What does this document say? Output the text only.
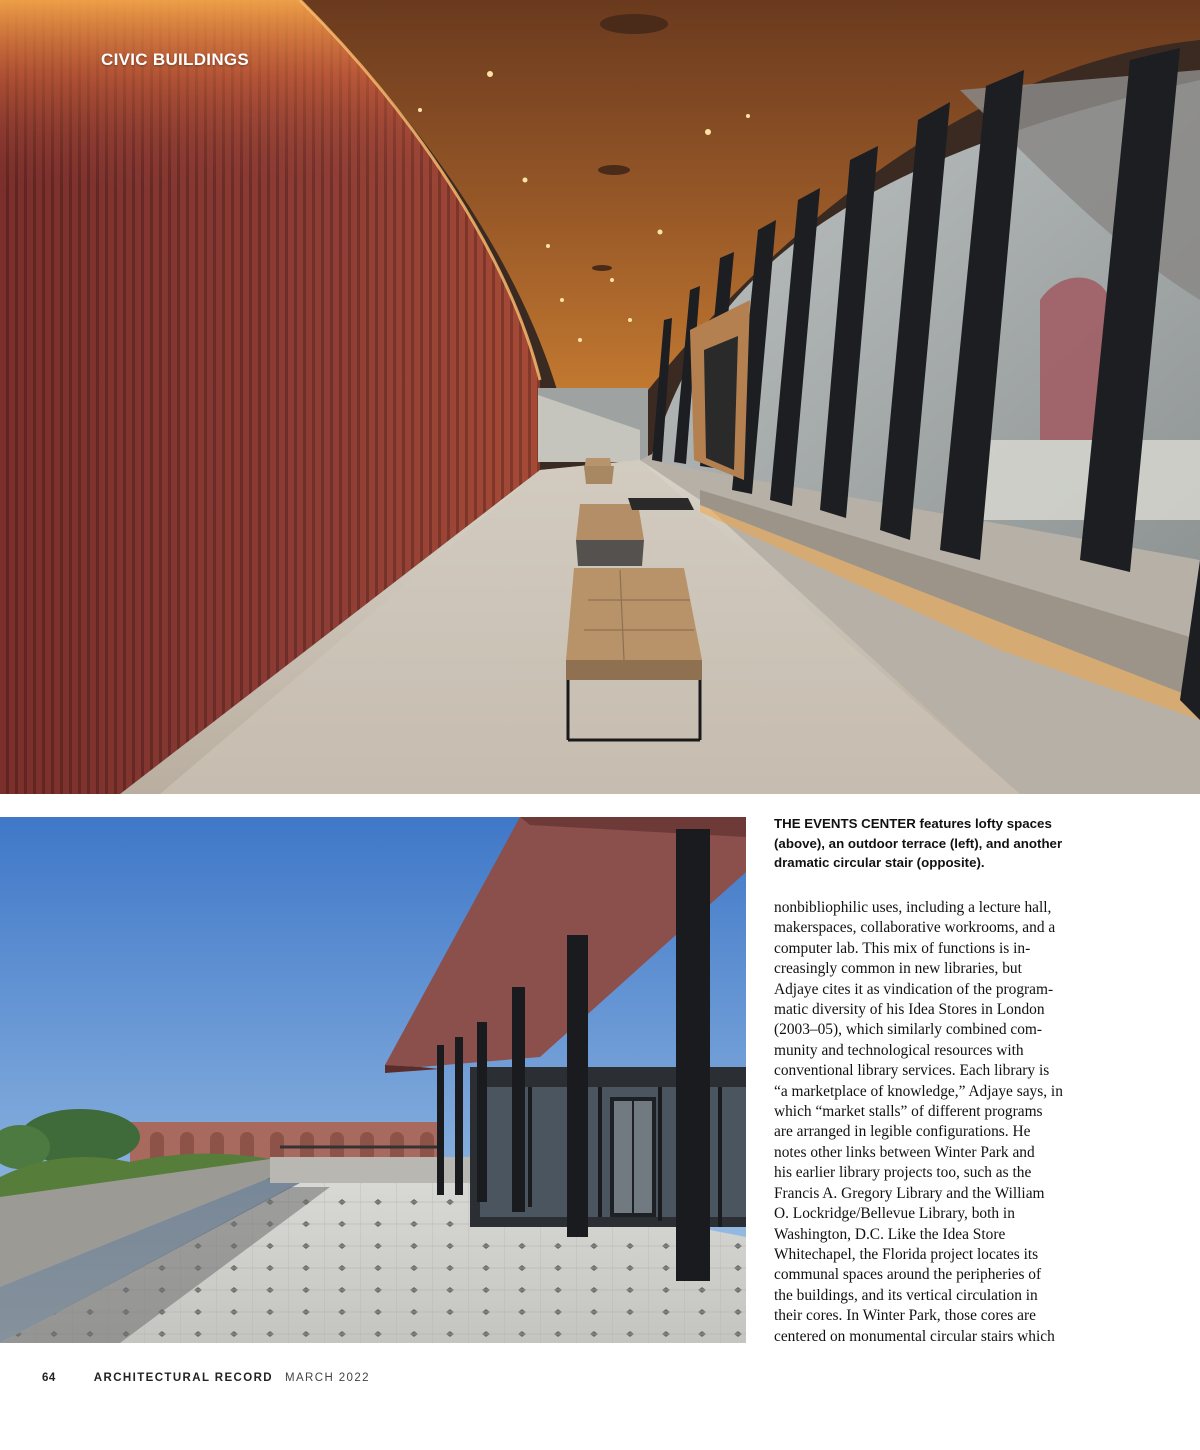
CIVIC BUILDINGS
THE EVENTS CENTER features lofty spaces (above), an outdoor terrace (left), and another dramatic circular stair (opposite).
nonbibliophilic uses, including a lecture hall,
makerspaces, collaborative workrooms, and a
computer lab. This mix of functions is in-
creasingly common in new libraries, but
Adjaye cites it as vindication of the program-
matic diversity of his Idea Stores in London
(2003–05), which similarly combined com-
munity and technological resources with
conventional library services. Each library is
“a marketplace of knowledge,” Adjaye says, in
which “market stalls” of different programs
are arranged in legible configurations. He
notes other links between Winter Park and
his earlier library projects too, such as the
Francis A. Gregory Library and the William
O. Lockridge/Bellevue Library, both in
Washington, D.C. Like the Idea Store
Whitechapel, the Florida project locates its
communal spaces around the peripheries of
the buildings, and its vertical circulation in
their cores. In Winter Park, those cores are
centered on monumental circular stairs which
64	ARCHITECTURAL RECORD MARCH 2022
